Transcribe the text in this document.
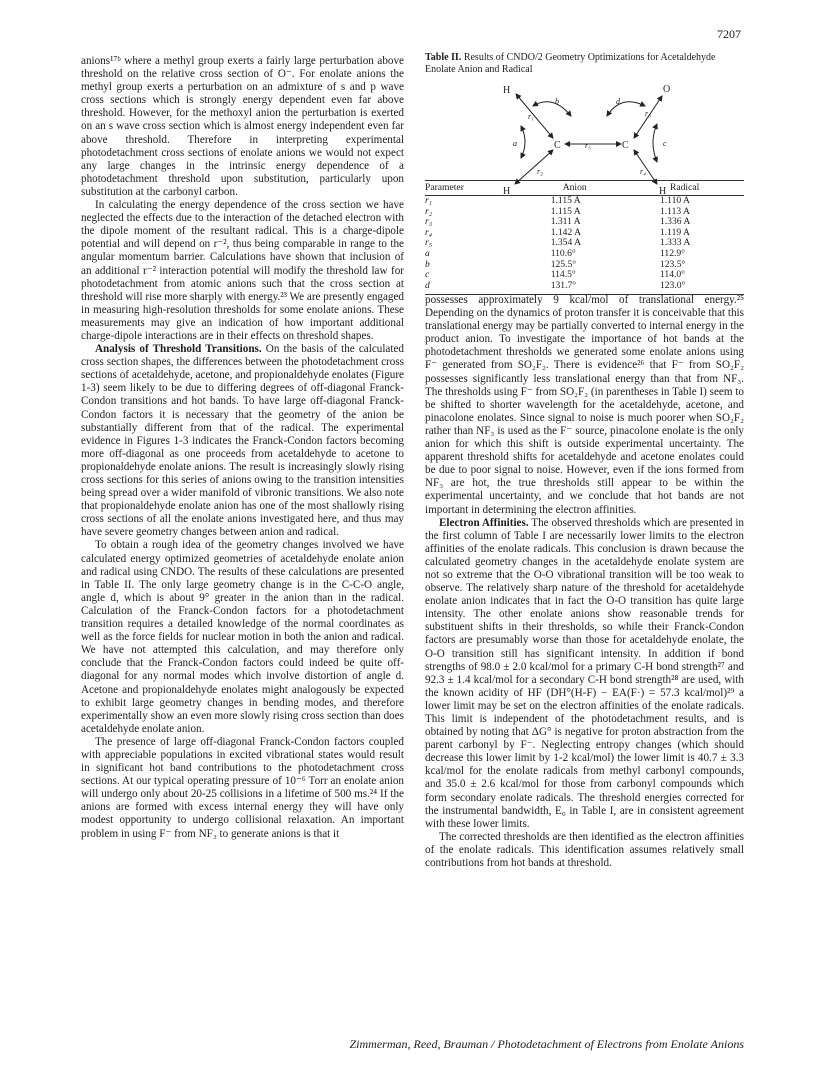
7207

anions¹⁷ᵇ where a methyl group exerts a fairly large perturbation above threshold on the relative cross section of O⁻. For enolate anions the methyl group exerts a perturbation on an admixture of s and p wave cross sections which is strongly energy dependent even far above threshold. However, for the methoxyl anion the perturbation is exerted on an s wave cross section which is almost energy independent even far above threshold. Therefore in interpreting experimental photodetachment cross sections of enolate anions we would not expect any large changes in the intrinsic energy dependence of a photodetachment threshold upon substitution, particularly upon substitution at the carbonyl carbon.

In calculating the energy dependence of the cross section we have neglected the effects due to the interaction of the detached electron with the dipole moment of the resultant radical. This is a charge-dipole potential and will depend on r⁻², thus being comparable in range to the angular momentum barrier. Calculations have shown that inclusion of an additional r⁻² interaction potential will modify the threshold law for photodetachment from atomic anions such that the cross section at threshold will rise more sharply with energy.²³ We are presently engaged in measuring high-resolution thresholds for some enolate anions. These measurements may give an indication of how important additional charge-dipole interactions are in their effects on threshold shapes.

Analysis of Threshold Transitions. On the basis of the calculated cross section shapes, the differences between the photodetachment cross sections of acetaldehyde, acetone, and propionaldehyde enolates (Figure 1-3) seem likely to be due to differing degrees of off-diagonal Franck-Condon transitions and hot bands. To have large off-diagonal Franck-Condon factors it is necessary that the geometry of the anion be substantially different from that of the radical. The experimental evidence in Figures 1-3 indicates the Franck-Condon factors becoming more off-diagonal as one proceeds from acetaldehyde to acetone to propionaldehyde enolate anions. The result is increasingly slowly rising cross sections for this series of anions owing to the transition intensities being spread over a wider manifold of vibronic transitions. We also note that propionaldehyde enolate anion has one of the most shallowly rising cross sections of all the enolate anions investigated here, and thus may have severe geometry changes between anion and radical.

To obtain a rough idea of the geometry changes involved we have calculated energy optimized geometries of acetaldehyde enolate anion and radical using CNDO. The results of these calculations are presented in Table II. The only large geometry change is in the C-C-O angle, angle d, which is about 9° greater in the anion than in the radical. Calculation of the Franck-Condon factors for a photodetachment transition requires a detailed knowledge of the normal coordinates as well as the force fields for nuclear motion in both the anion and radical. We have not attempted this calculation, and may therefore only conclude that the Franck-Condon factors could indeed be quite off-diagonal for any normal modes which involve distortion of angle d. Acetone and propionaldehyde enolates might analogously be expected to exhibit large geometry changes in bending modes, and therefore experimentally show an even more slowly rising cross section than does acetaldehyde enolate anion.

The presence of large off-diagonal Franck-Condon factors coupled with appreciable populations in excited vibrational states would result in significant hot band contributions to the photodetachment cross sections. At our typical operating pressure of 10⁻⁶ Torr an enolate anion will undergo only about 20-25 collisions in a lifetime of 500 ms.²⁴ If the anions are formed with excess internal energy they will have only modest opportunity to undergo collisional relaxation. An important problem in using F⁻ from NF₃ to generate anions is that it

Table II. Results of CNDO/2 Geometry Optimizations for Acetaldehyde Enolate Anion and Radical

H	O
C	C
H	H
r₁
r₂
r₃
r₄
r₅
a
b
c
d
Parameter	Anion	Radical
r₁	1.115 A	1.110 A
r₂	1.115 A	1.113 A
r₃	1.311 A	1.336 A
r₄	1.142 A	1.119 A
r₅	1.354 A	1.333 A
a	110.6°	112.9°
b	125.5°	123.5°
c	114.5°	114.0°
d	131.7°	123.0°

possesses approximately 9 kcal/mol of translational energy.²⁵ Depending on the dynamics of proton transfer it is conceivable that this translational energy may be partially converted to internal energy in the product anion. To investigate the importance of hot bands at the photodetachment thresholds we generated some enolate anions using F⁻ generated from SO₂F₂. There is evidence²⁶ that F⁻ from SO₂F₂ possesses significantly less translational energy than that from NF₃. The thresholds using F⁻ from SO₂F₂ (in parentheses in Table I) seem to be shifted to shorter wavelength for the acetaldehyde, acetone, and pinacolone enolates. Since signal to noise is much poorer when SO₂F₂ rather than NF₃ is used as the F⁻ source, pinacolone enolate is the only anion for which this shift is outside experimental uncertainty. The apparent threshold shifts for acetaldehyde and acetone enolates could be due to poor signal to noise. However, even if the ions formed from NF₃ are hot, the true thresholds still appear to be within the experimental uncertainty, and we conclude that hot bands are not important in determining the electron affinities.

Electron Affinities. The observed thresholds which are presented in the first column of Table I are necessarily lower limits to the electron affinities of the enolate radicals. This conclusion is drawn because the calculated geometry changes in the acetaldehyde enolate system are not so extreme that the O-O vibrational transition will be too weak to observe. The relatively sharp nature of the threshold for acetaldehyde enolate anion indicates that in fact the O-O transition has quite large intensity. The other enolate anions show reasonable trends for substituent shifts in their thresholds, so while their Franck-Condon factors are presumably worse than those for acetaldehyde enolate, the O-O transition still has significant intensity. In addition if bond strengths of 98.0 ± 2.0 kcal/mol for a primary C-H bond strength²⁷ and 92.3 ± 1.4 kcal/mol for a secondary C-H bond strength²⁸ are used, with the known acidity of HF (DH°(H-F) − EA(F·) = 57.3 kcal/mol)²⁹ a lower limit may be set on the electron affinities of the enolate radicals. This limit is independent of the photodetachment results, and is obtained by noting that ΔG° is negative for proton abstraction from the parent carbonyl by F⁻. Neglecting entropy changes (which should decrease this lower limit by 1-2 kcal/mol) the lower limit is 40.7 ± 3.3 kcal/mol for the enolate radicals from methyl carbonyl compounds, and 35.0 ± 2.6 kcal/mol for those from carbonyl compounds which form secondary enolate radicals. The threshold energies corrected for the instrumental bandwidth, E₀ in Table I, are in consistent agreement with these lower limits.

The corrected thresholds are then identified as the electron affinities of the enolate radicals. This identification assumes relatively small contributions from hot bands at threshold.

Zimmerman, Reed, Brauman / Photodetachment of Electrons from Enolate Anions
